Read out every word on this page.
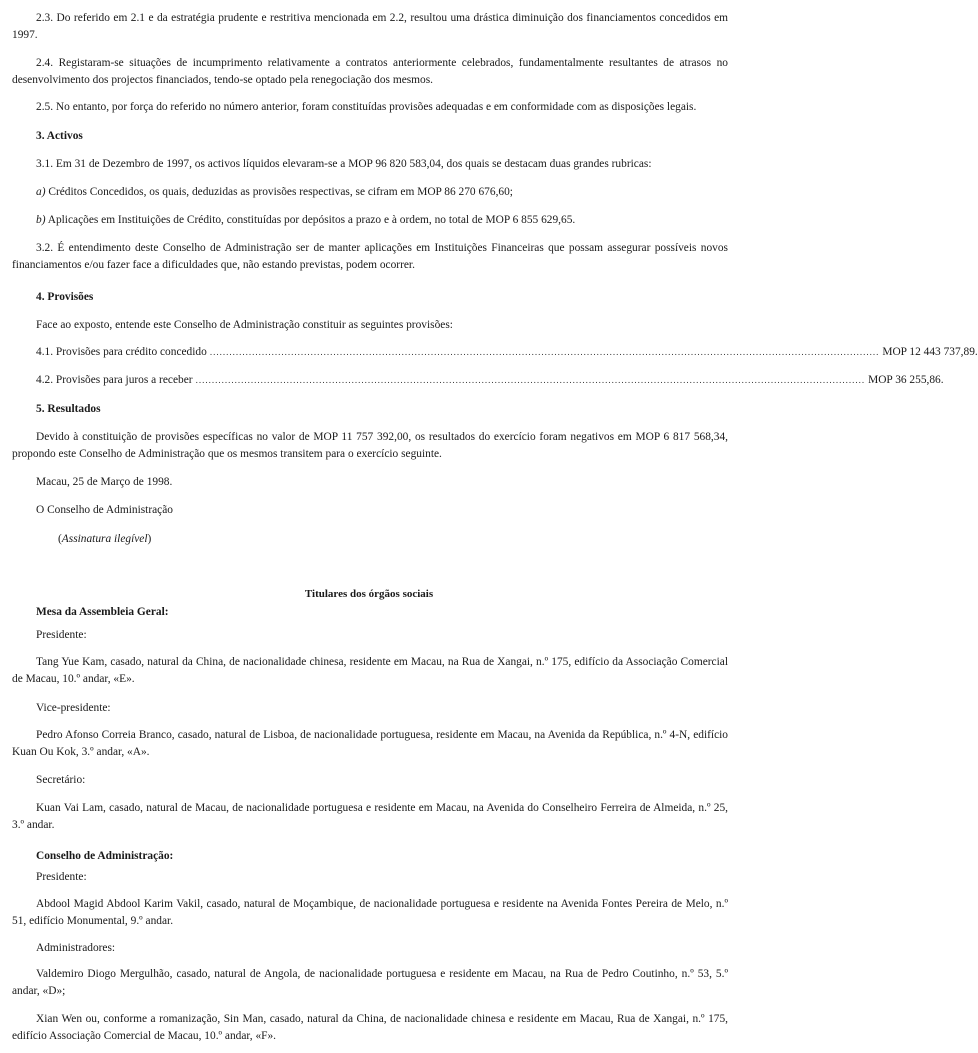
2.3. Do referido em 2.1 e da estratégia prudente e restritiva mencionada em 2.2, resultou uma drástica diminuição dos financiamentos concedidos em 1997.

2.4. Registaram-se situações de incumprimento relativamente a contratos anteriormente celebrados, fundamentalmente resultantes de atrasos no desenvolvimento dos projectos financiados, tendo-se optado pela renegociação dos mesmos.

2.5. No entanto, por força do referido no número anterior, foram constituídas provisões adequadas e em conformidade com as disposições legais.

3. Activos

3.1. Em 31 de Dezembro de 1997, os activos líquidos elevaram-se a MOP 96 820 583,04, dos quais se destacam duas grandes rubricas:

a) Créditos Concedidos, os quais, deduzidas as provisões respectivas, se cifram em MOP 86 270 676,60;

b) Aplicações em Instituições de Crédito, constituídas por depósitos a prazo e à ordem, no total de MOP 6 855 629,65.

3.2. É entendimento deste Conselho de Administração ser de manter aplicações em Instituições Financeiras que possam assegurar possíveis novos financiamentos e/ou fazer face a dificuldades que, não estando previstas, podem ocorrer.

4. Provisões

Face ao exposto, entende este Conselho de Administração constituir as seguintes provisões:

4.1. Provisões para crédito concedido .............................................................................................................................................................................................................. MOP 12 443 737,89.
4.2. Provisões para juros a receber .............................................................................................................................................................................................................. MOP 36 255,86.

5. Resultados

Devido à constituição de provisões específicas no valor de MOP 11 757 392,00, os resultados do exercício foram negativos em MOP 6 817 568,34, propondo este Conselho de Administração que os mesmos transitem para o exercício seguinte.

Macau, 25 de Março de 1998.

O Conselho de Administração

(Assinatura ilegível)

Titulares dos órgãos sociais

Mesa da Assembleia Geral:

Presidente:

Tang Yue Kam, casado, natural da China, de nacionalidade chinesa, residente em Macau, na Rua de Xangai, n.º 175, edifício da Associação Comercial de Macau, 10.º andar, «E».

Vice-presidente:

Pedro Afonso Correia Branco, casado, natural de Lisboa, de nacionalidade portuguesa, residente em Macau, na Avenida da República, n.º 4-N, edifício Kuan Ou Kok, 3.º andar, «A».

Secretário:

Kuan Vai Lam, casado, natural de Macau, de nacionalidade portuguesa e residente em Macau, na Avenida do Conselheiro Ferreira de Almeida, n.º 25, 3.º andar.

Conselho de Administração:

Presidente:

Abdool Magid Abdool Karim Vakil, casado, natural de Moçambique, de nacionalidade portuguesa e residente na Avenida Fontes Pereira de Melo, n.º 51, edifício Monumental, 9.º andar.

Administradores:

Valdemiro Diogo Mergulhão, casado, natural de Angola, de nacionalidade portuguesa e residente em Macau, na Rua de Pedro Coutinho, n.º 53, 5.º andar, «D»;

Xian Wen ou, conforme a romanização, Sin Man, casado, natural da China, de nacionalidade chinesa e residente em Macau, Rua de Xangai, n.º 175, edifício Associação Comercial de Macau, 10.º andar, «F».
